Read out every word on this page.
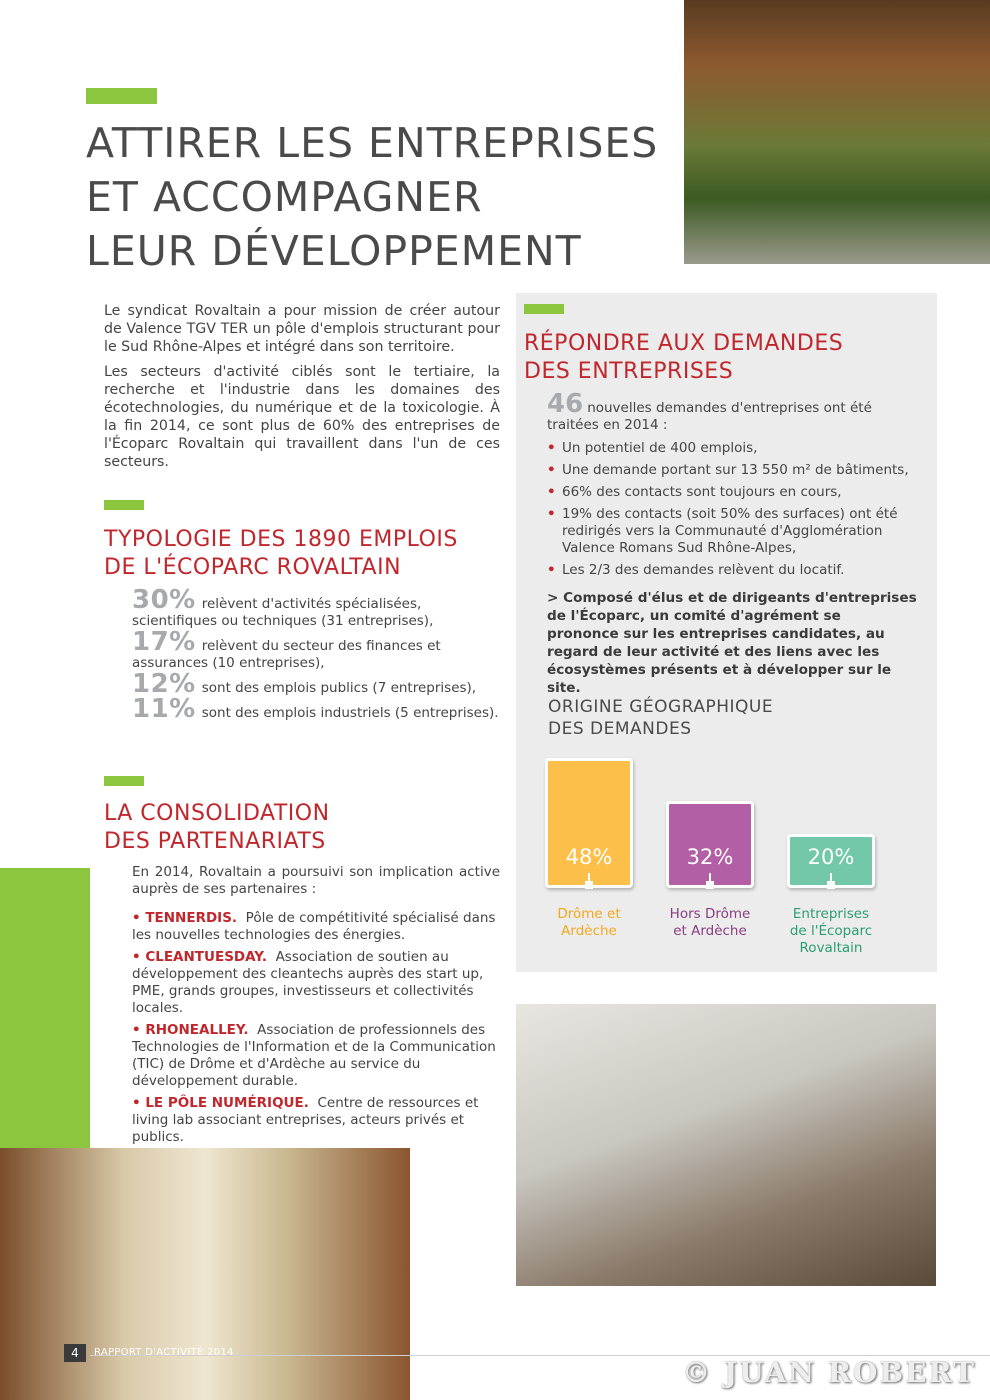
ATTIRER LES ENTREPRISES
ET ACCOMPAGNER
LEUR DÉVELOPPEMENT

Le syndicat Rovaltain a pour mission de créer autour de Valence TGV TER un pôle d'emplois structurant pour le Sud Rhône-Alpes et intégré dans son territoire.

Les secteurs d'activité ciblés sont le tertiaire, la recherche et l'industrie dans les domaines des écotechnologies, du numérique et de la toxicologie. À la fin 2014, ce sont plus de 60% des entreprises de l'Écoparc Rovaltain qui travaillent dans l'un de ces secteurs.

TYPOLOGIE DES 1890 EMPLOIS
DE L'ÉCOPARC ROVALTAIN
30% relèvent d'activités spécialisées, scientifiques ou techniques (31 entreprises),
17% relèvent du secteur des finances et assurances (10 entreprises),
12% sont des emplois publics (7 entreprises),
11% sont des emplois industriels (5 entreprises).
LA CONSOLIDATION
DES PARTENARIATS

En 2014, Rovaltain a poursuivi son implication active auprès de ses partenaires :

• TENNERDIS. Pôle de compétitivité spécialisé dans les nouvelles technologies des énergies.

• CLEANTUESDAY. Association de soutien au développement des cleantechs auprès des start up, PME, grands groupes, investisseurs et collectivités locales.

• RHONEALLEY. Association de professionnels des Technologies de l'Information et de la Communication (TIC) de Drôme et d'Ardèche au service du développement durable.

• LE PÔLE NUMÉRIQUE. Centre de ressources et living lab associant entreprises, acteurs privés et publics.

RÉPONDRE AUX DEMANDES
DES ENTREPRISES

46 nouvelles demandes d'entreprises ont été traitées en 2014 :

• Un potentiel de 400 emplois,
• Une demande portant sur 13 550 m² de bâtiments,
• 66% des contacts sont toujours en cours,
• 19% des contacts (soit 50% des surfaces) ont été redirigés vers la Communauté d'Agglomération Valence Romans Sud Rhône-Alpes,
• Les 2/3 des demandes relèvent du locatif.

> Composé d'élus et de dirigeants d'entreprises de l'Écoparc, un comité d'agrément se prononce sur les entreprises candidates, au regard de leur activité et des liens avec les écosystèmes présents et à développer sur le site.

ORIGINE GÉOGRAPHIQUE
DES DEMANDES
48%
Drôme et
Ardèche
32%
Hors Drôme
et Ardèche
20%
Entreprises
de l'Écoparc
Rovaltain
4	RAPPORT D'ACTIVITÉ 2014
© JUAN ROBERT
